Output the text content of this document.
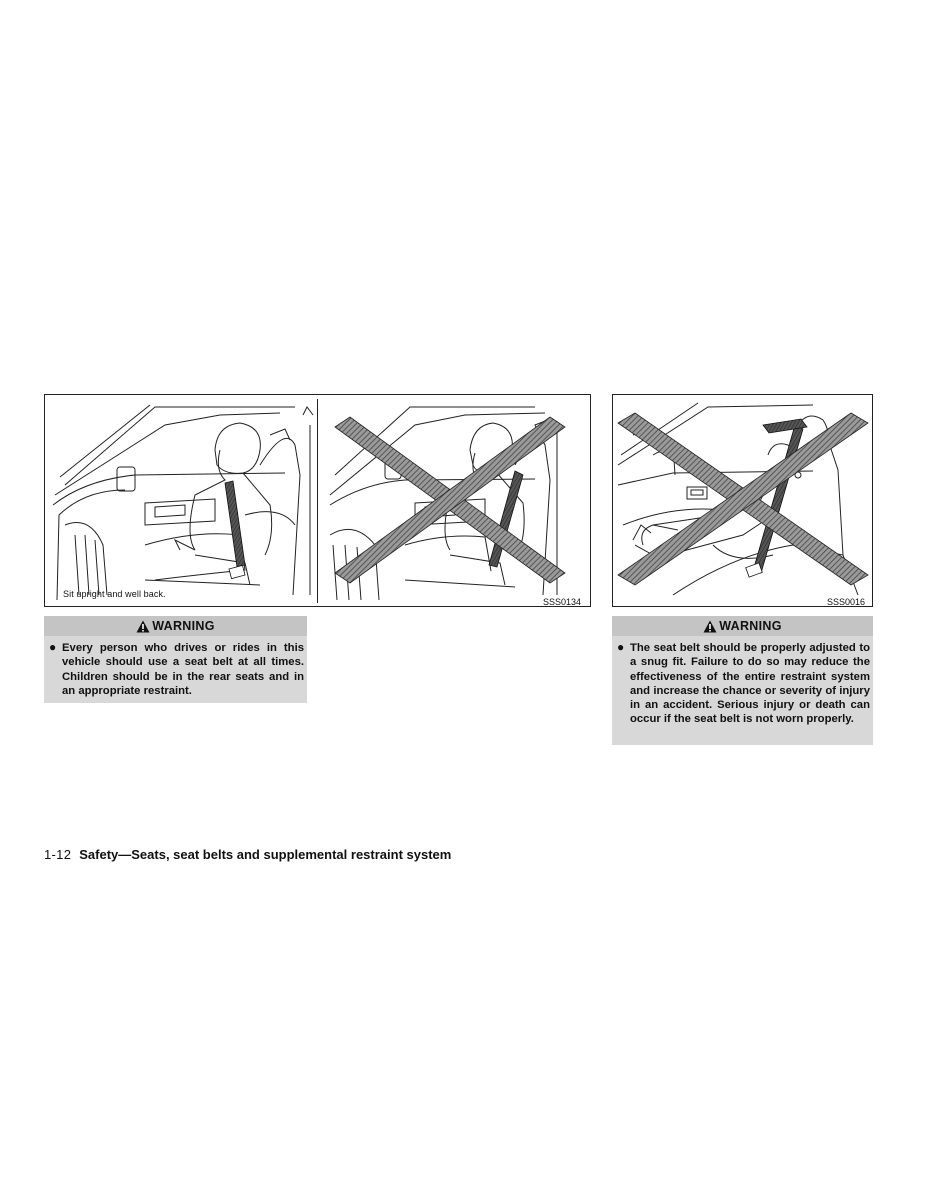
Sit upright and well back.
SSS0134	SSS0016
WARNING
● Every person who drives or rides in this vehicle should use a seat belt at all times. Children should be in the rear seats and in an appropriate restraint.
WARNING
● The seat belt should be properly adjusted to a snug fit. Failure to do so may reduce the effectiveness of the entire restraint system and increase the chance or severity of injury in an accident. Serious injury or death can occur if the seat belt is not worn properly.
1-12 Safety—Seats, seat belts and supplemental restraint system
